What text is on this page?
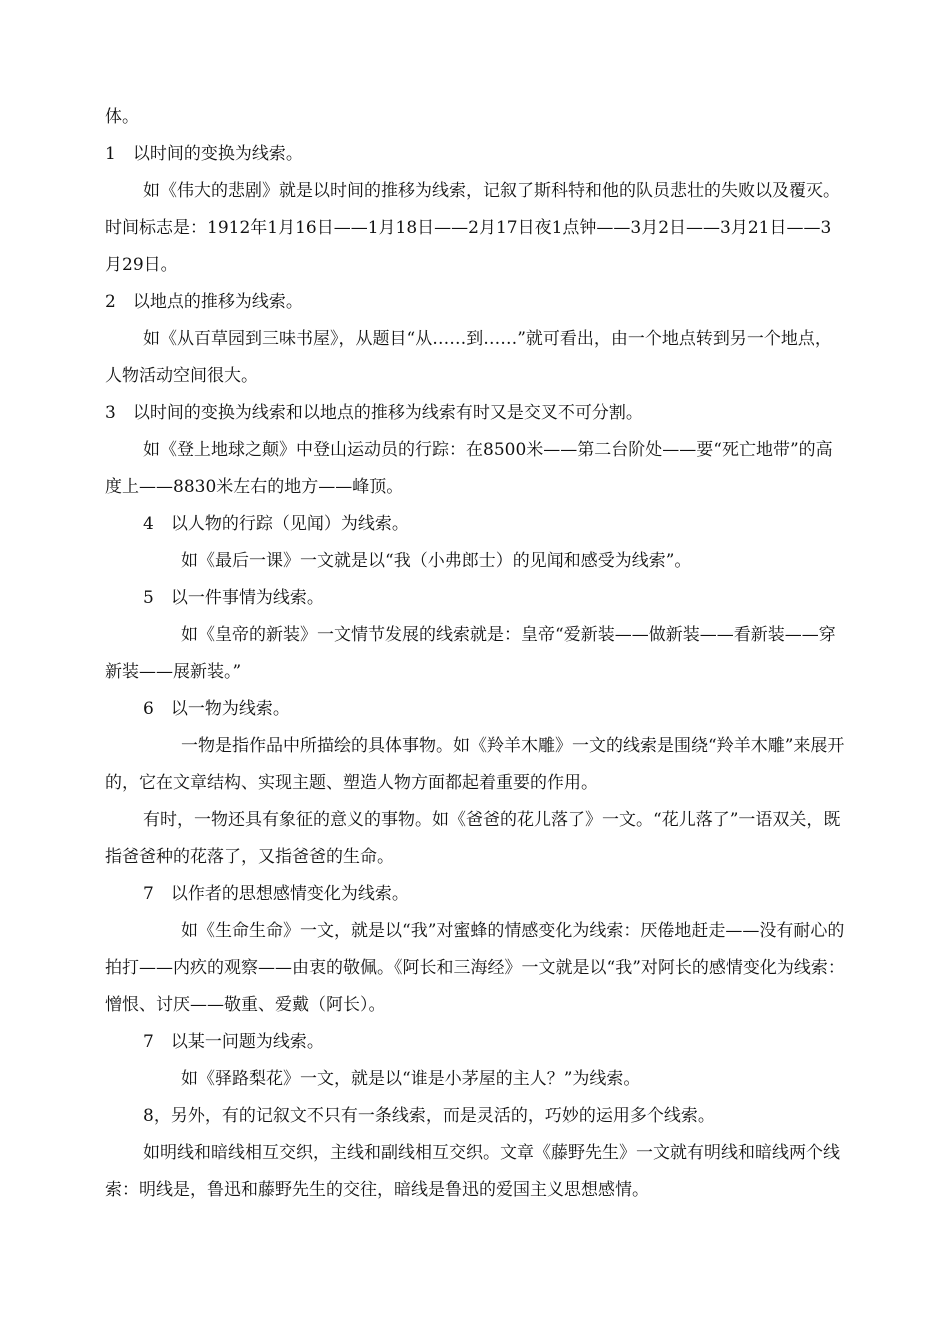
体。

1　以时间的变换为线索。

如《伟大的悲剧》就是以时间的推移为线索，记叙了斯科特和他的队员悲壮的失败以及覆灭。

时间标志是：1912年1月16日——1月18日——2月17日夜1点钟——3月2日——3月21日——3月29日。

2　以地点的推移为线索。

如《从百草园到三味书屋》，从题目“从……到……”就可看出，由一个地点转到另一个地点，人物活动空间很大。

3　以时间的变换为线索和以地点的推移为线索有时又是交叉不可分割。

如《登上地球之颠》中登山运动员的行踪：在8500米——第二台阶处——要“死亡地带”的高度上——8830米左右的地方——峰顶。

4　以人物的行踪（见闻）为线索。

如《最后一课》一文就是以“我（小弗郎士）的见闻和感受为线索”。

5　以一件事情为线索。

如《皇帝的新装》一文情节发展的线索就是：皇帝“爱新装——做新装——看新装——穿新装——展新装。”

6　以一物为线索。

一物是指作品中所描绘的具体事物。如《羚羊木雕》一文的线索是围绕“羚羊木雕”来展开的，它在文章结构、实现主题、塑造人物方面都起着重要的作用。

有时，一物还具有象征的意义的事物。如《爸爸的花儿落了》一文。“花儿落了”一语双关，既指爸爸种的花落了，又指爸爸的生命。

7　以作者的思想感情变化为线索。

如《生命生命》一文，就是以“我”对蜜蜂的情感变化为线索：厌倦地赶走——没有耐心的拍打——内疚的观察——由衷的敬佩。《阿长和三海经》一文就是以“我”对阿长的感情变化为线索：憎恨、讨厌——敬重、爱戴（阿长）。

7　以某一问题为线索。

如《驿路梨花》一文，就是以“谁是小茅屋的主人？”为线索。

8，另外，有的记叙文不只有一条线索，而是灵活的，巧妙的运用多个线索。

如明线和暗线相互交织，主线和副线相互交织。文章《藤野先生》一文就有明线和暗线两个线索：明线是，鲁迅和藤野先生的交往，暗线是鲁迅的爱国主义思想感情。
